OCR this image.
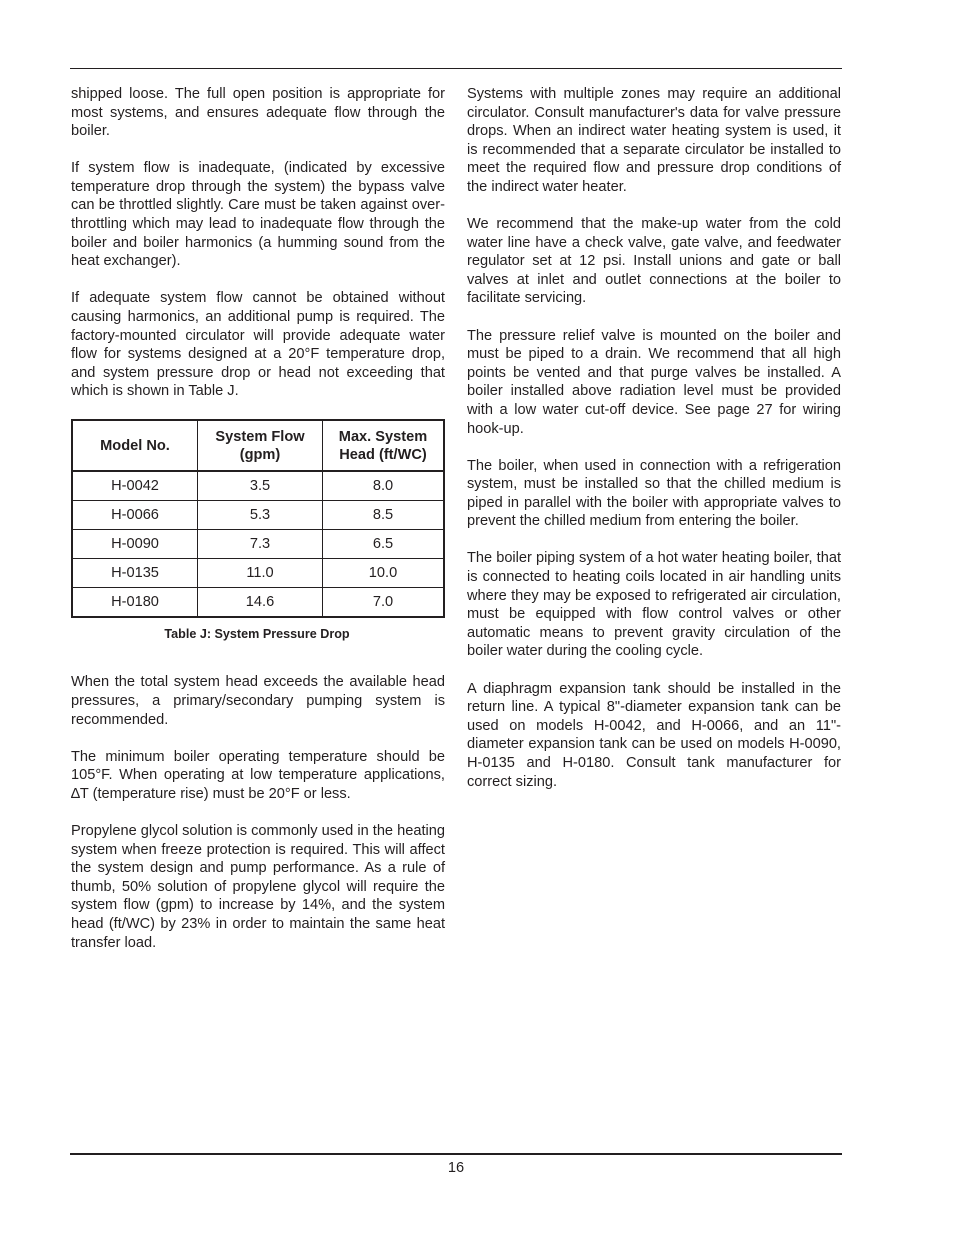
shipped loose. The full open position is appropriate for most systems, and ensures adequate flow through the boiler.

If system flow is inadequate, (indicated by excessive temperature drop through the system) the bypass valve can be throttled slightly. Care must be taken against over-throttling which may lead to inadequate flow through the boiler and boiler harmonics (a humming sound from the heat exchanger).

If adequate system flow cannot be obtained without causing harmonics, an additional pump is required. The factory-mounted circulator will provide adequate water flow for systems designed at a 20°F temperature drop, and system pressure drop or head not exceeding that which is shown in Table J.

Model No.	System Flow (gpm)	Max. System Head (ft/WC)
H-0042	3.5	8.0
H-0066	5.3	8.5
H-0090	7.3	6.5
H-0135	11.0	10.0
H-0180	14.6	7.0
Table J: System Pressure Drop

When the total system head exceeds the available head pressures, a primary/secondary pumping system is recommended.

The minimum boiler operating temperature should be 105°F. When operating at low temperature applications, ∆T (temperature rise) must be 20°F or less.

Propylene glycol solution is commonly used in the heating system when freeze protection is required. This will affect the system design and pump performance. As a rule of thumb, 50% solution of propylene glycol will require the system flow (gpm) to increase by 14%, and the system head (ft/WC) by 23% in order to maintain the same heat transfer load.

Systems with multiple zones may require an additional circulator. Consult manufacturer's data for valve pressure drops. When an indirect water heating system is used, it is recommended that a separate circulator be installed to meet the required flow and pressure drop conditions of the indirect water heater.

We recommend that the make-up water from the cold water line have a check valve, gate valve, and feedwater regulator set at 12 psi. Install unions and gate or ball valves at inlet and outlet connections at the boiler to facilitate servicing.

The pressure relief valve is mounted on the boiler and must be piped to a drain. We recommend that all high points be vented and that purge valves be installed. A boiler installed above radiation level must be provided with a low water cut-off device. See page 27 for wiring hook-up.

The boiler, when used in connection with a refrigeration system, must be installed so that the chilled medium is piped in parallel with the boiler with appropriate valves to prevent the chilled medium from entering the boiler.

The boiler piping system of a hot water heating boiler, that is connected to heating coils located in air handling units where they may be exposed to refrigerated air circulation, must be equipped with flow control valves or other automatic means to prevent gravity circulation of the boiler water during the cooling cycle.

A diaphragm expansion tank should be installed in the return line. A typical 8"-diameter expansion tank can be used on models H-0042, and H-0066, and an 11"-diameter expansion tank can be used on models H-0090, H-0135 and H-0180. Consult tank manufacturer for correct sizing.

16
